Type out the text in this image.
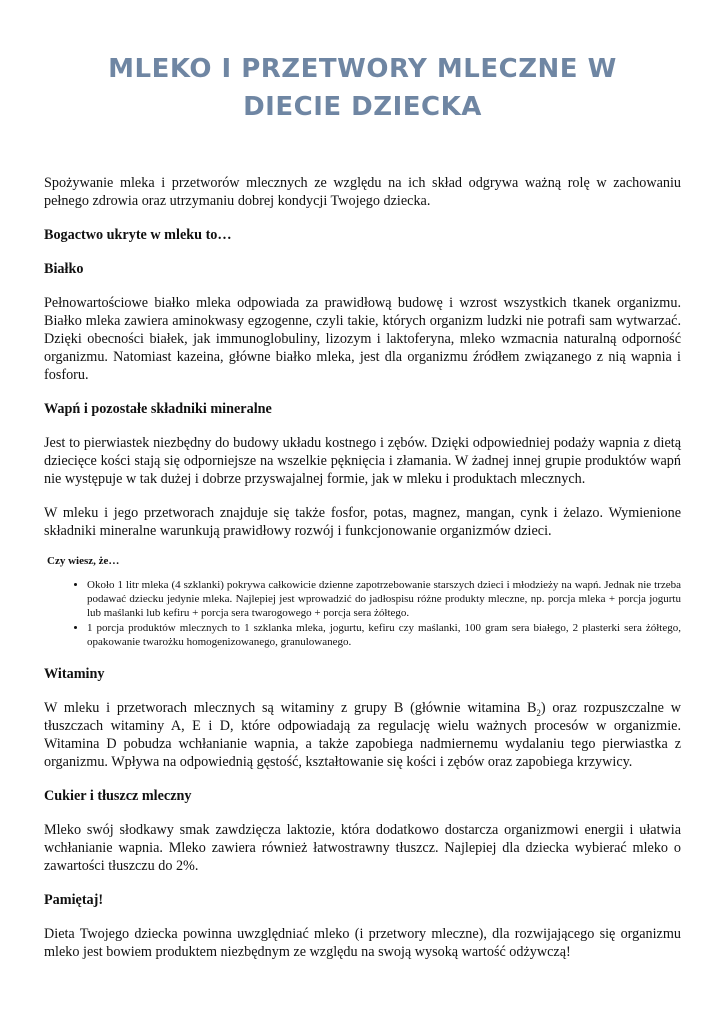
MLEKO I PRZETWORY MLECZNE W
DIECIE DZIECKA

Spożywanie mleka i przetworów mlecznych ze względu na ich skład odgrywa ważną rolę w zachowaniu pełnego zdrowia oraz utrzymaniu dobrej kondycji Twojego dziecka.

Bogactwo ukryte w mleku to…

Białko

Pełnowartościowe białko mleka odpowiada za prawidłową budowę i wzrost wszystkich tkanek organizmu. Białko mleka zawiera aminokwasy egzogenne, czyli takie, których organizm ludzki nie potrafi sam wytwarzać. Dzięki obecności białek, jak immunoglobuliny, lizozym i laktoferyna, mleko wzmacnia naturalną odporność organizmu. Natomiast kazeina, główne białko mleka, jest dla organizmu źródłem związanego z nią wapnia i fosforu.

Wapń i pozostałe składniki mineralne

Jest to pierwiastek niezbędny do budowy układu kostnego i zębów. Dzięki odpowiedniej podaży wapnia z dietą dziecięce kości stają się odporniejsze na wszelkie pęknięcia i złamania. W żadnej innej grupie produktów wapń nie występuje w tak dużej i dobrze przyswajalnej formie, jak w mleku i produktach mlecznych.

W mleku i jego przetworach znajduje się także fosfor, potas, magnez, mangan, cynk i żelazo. Wymienione składniki mineralne warunkują prawidłowy rozwój i funkcjonowanie organizmów dzieci.

Czy wiesz, że…

• Około 1 litr mleka (4 szklanki) pokrywa całkowicie dzienne zapotrzebowanie starszych dzieci i młodzieży na wapń. Jednak nie trzeba podawać dziecku jedynie mleka. Najlepiej jest wprowadzić do jadłospisu różne produkty mleczne, np. porcja mleka + porcja jogurtu lub maślanki lub kefiru + porcja sera twarogowego + porcja sera żółtego.
• 1 porcja produktów mlecznych to 1 szklanka mleka, jogurtu, kefiru czy maślanki, 100 gram sera białego, 2 plasterki sera żółtego, opakowanie twarożku homogenizowanego, granulowanego.

Witaminy

W mleku i przetworach mlecznych są witaminy z grupy B (głównie witamina $B_2$) oraz rozpuszczalne w tłuszczach witaminy A, E i D, które odpowiadają za regulację wielu ważnych procesów w organizmie. Witamina D pobudza wchłanianie wapnia, a także zapobiega nadmiernemu wydalaniu tego pierwiastka z organizmu. Wpływa na odpowiednią gęstość, kształtowanie się kości i zębów oraz zapobiega krzywicy.

Cukier i tłuszcz mleczny

Mleko swój słodkawy smak zawdzięcza laktozie, która dodatkowo dostarcza organizmowi energii i ułatwia wchłanianie wapnia. Mleko zawiera również łatwostrawny tłuszcz. Najlepiej dla dziecka wybierać mleko o zawartości tłuszczu do 2%.

Pamiętaj!

Dieta Twojego dziecka powinna uwzględniać mleko (i przetwory mleczne), dla rozwijającego się organizmu mleko jest bowiem produktem niezbędnym ze względu na swoją wysoką wartość odżywczą!
